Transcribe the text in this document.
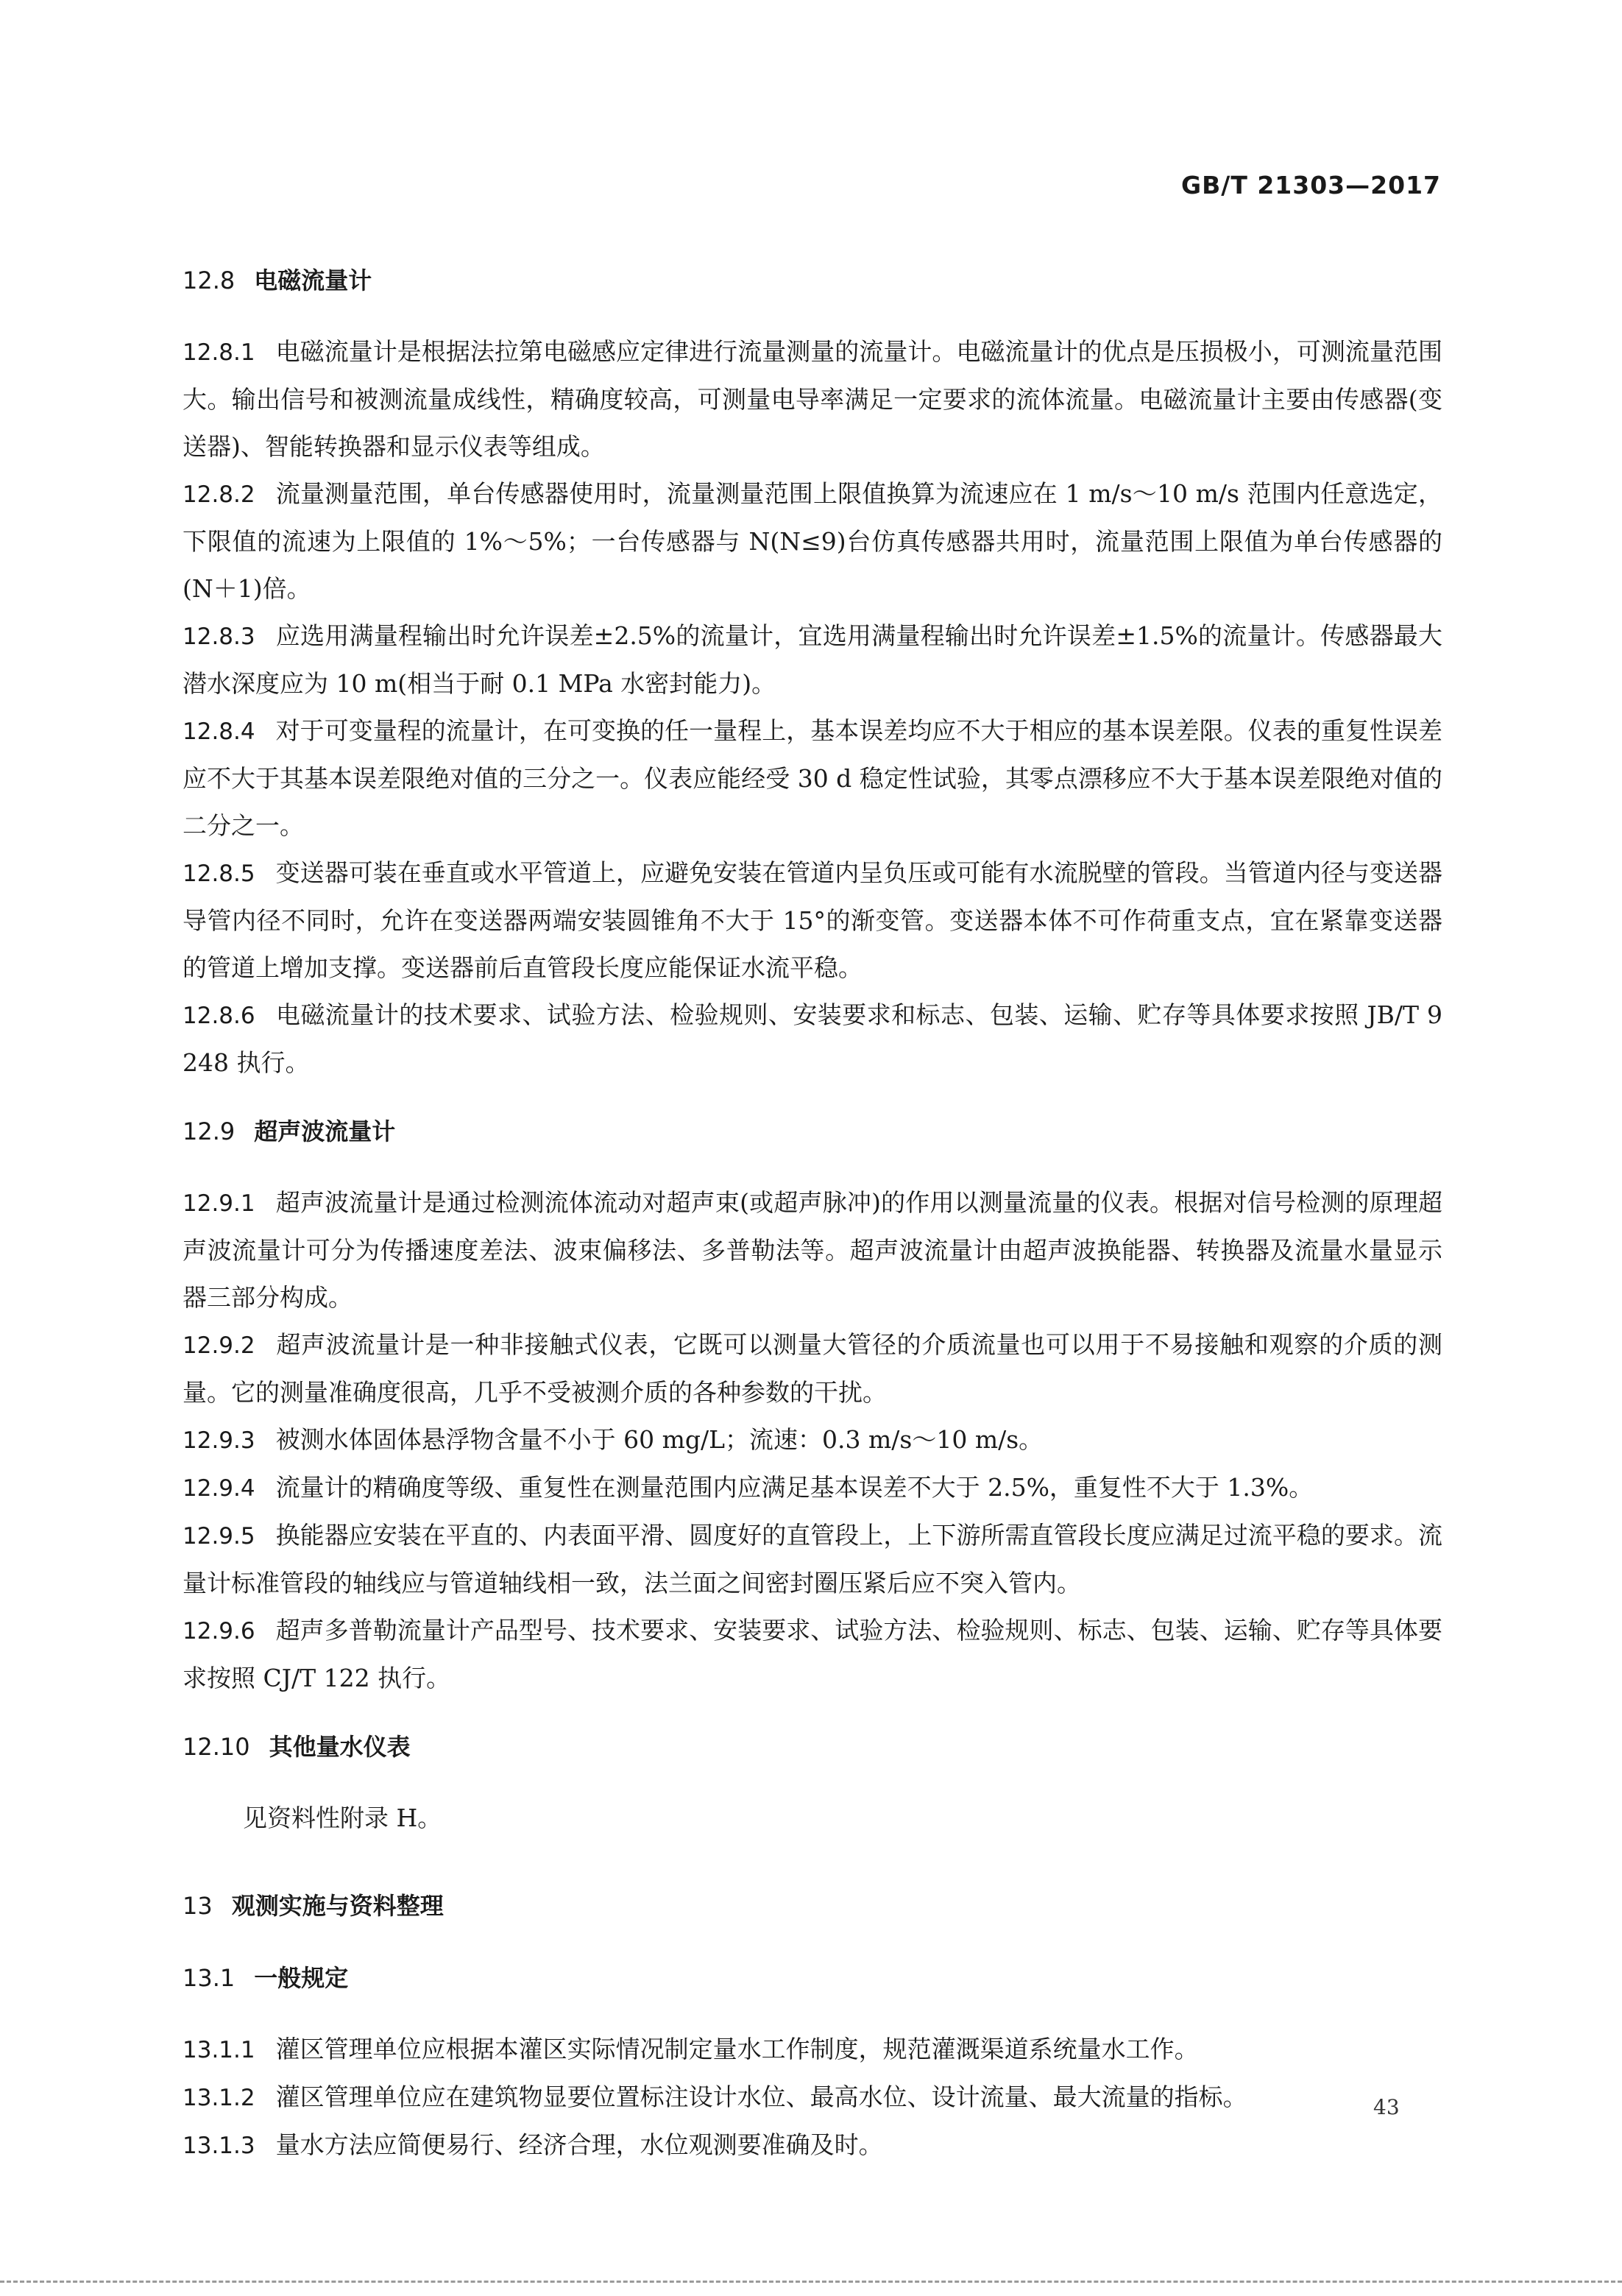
GB/T 21303—2017
12.8 电磁流量计

12.8.1 电磁流量计是根据法拉第电磁感应定律进行流量测量的流量计。电磁流量计的优点是压损极小，可测流量范围大。输出信号和被测流量成线性，精确度较高，可测量电导率满足一定要求的流体流量。电磁流量计主要由传感器(变送器)、智能转换器和显示仪表等组成。

12.8.2 流量测量范围，单台传感器使用时，流量测量范围上限值换算为流速应在 1 m/s～10 m/s 范围内任意选定，下限值的流速为上限值的 1%～5%；一台传感器与 N(N≤9)台仿真传感器共用时，流量范围上限值为单台传感器的(N＋1)倍。

12.8.3 应选用满量程输出时允许误差±2.5%的流量计，宜选用满量程输出时允许误差±1.5%的流量计。传感器最大潜水深度应为 10 m(相当于耐 0.1 MPa 水密封能力)。

12.8.4 对于可变量程的流量计，在可变换的任一量程上，基本误差均应不大于相应的基本误差限。仪表的重复性误差应不大于其基本误差限绝对值的三分之一。仪表应能经受 30 d 稳定性试验，其零点漂移应不大于基本误差限绝对值的二分之一。

12.8.5 变送器可装在垂直或水平管道上，应避免安装在管道内呈负压或可能有水流脱壁的管段。当管道内径与变送器导管内径不同时，允许在变送器两端安装圆锥角不大于 15°的渐变管。变送器本体不可作荷重支点，宜在紧靠变送器的管道上增加支撑。变送器前后直管段长度应能保证水流平稳。

12.8.6 电磁流量计的技术要求、试验方法、检验规则、安装要求和标志、包装、运输、贮存等具体要求按照 JB/T 9248 执行。

12.9 超声波流量计

12.9.1 超声波流量计是通过检测流体流动对超声束(或超声脉冲)的作用以测量流量的仪表。根据对信号检测的原理超声波流量计可分为传播速度差法、波束偏移法、多普勒法等。超声波流量计由超声波换能器、转换器及流量水量显示器三部分构成。

12.9.2 超声波流量计是一种非接触式仪表，它既可以测量大管径的介质流量也可以用于不易接触和观察的介质的测量。它的测量准确度很高，几乎不受被测介质的各种参数的干扰。

12.9.3 被测水体固体悬浮物含量不小于 60 mg/L；流速：0.3 m/s～10 m/s。

12.9.4 流量计的精确度等级、重复性在测量范围内应满足基本误差不大于 2.5%，重复性不大于 1.3%。

12.9.5 换能器应安装在平直的、内表面平滑、圆度好的直管段上，上下游所需直管段长度应满足过流平稳的要求。流量计标准管段的轴线应与管道轴线相一致，法兰面之间密封圈压紧后应不突入管内。

12.9.6 超声多普勒流量计产品型号、技术要求、安装要求、试验方法、检验规则、标志、包装、运输、贮存等具体要求按照 CJ/T 122 执行。

12.10 其他量水仪表

见资料性附录 H。

13 观测实施与资料整理
13.1 一般规定

13.1.1 灌区管理单位应根据本灌区实际情况制定量水工作制度，规范灌溉渠道系统量水工作。

13.1.2 灌区管理单位应在建筑物显要位置标注设计水位、最高水位、设计流量、最大流量的指标。

13.1.3 量水方法应简便易行、经济合理，水位观测要准确及时。

43
